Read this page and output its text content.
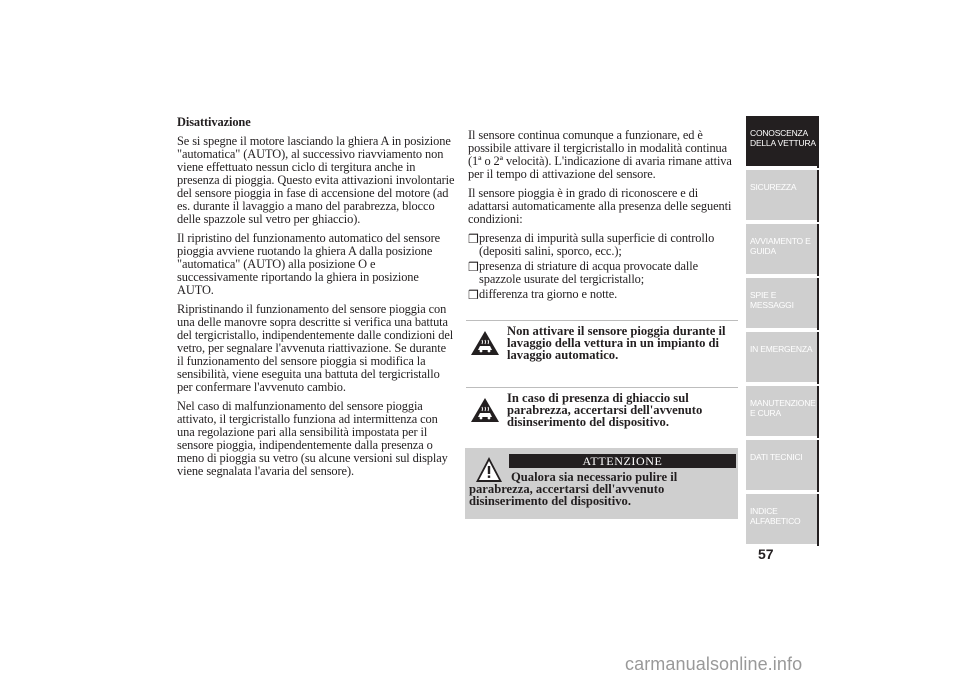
Disattivazione

Se si spegne il motore lasciando la ghiera A in posizione "automatica" (AUTO), al successivo riavviamento non viene effettuato nessun ciclo di tergitura anche in presenza di pioggia. Questo evita attivazioni involontarie del sensore pioggia in fase di accensione del motore (ad es. durante il lavaggio a mano del parabrezza, blocco delle spazzole sul vetro per ghiaccio).

Il ripristino del funzionamento automatico del sensore pioggia avviene ruotando la ghiera A dalla posizione "automatica" (AUTO) alla posizione O e successivamente riportando la ghiera in posizione AUTO.

Ripristinando il funzionamento del sensore pioggia con una delle manovre sopra descritte si verifica una battuta del tergicristallo, indipendentemente dalle condizioni del vetro, per segnalare l'avvenuta riattivazione. Se durante il funzionamento del sensore pioggia si modifica la sensibilità, viene eseguita una battuta del tergicristallo per confermare l'avvenuto cambio.

Nel caso di malfunzionamento del sensore pioggia attivato, il tergicristallo funziona ad intermittenza con una regolazione pari alla sensibilità impostata per il sensore pioggia, indipendentemente dalla presenza o meno di pioggia su vetro (su alcune versioni sul display viene segnalata l'avaria del sensore).

Il sensore continua comunque a funzionare, ed è possibile attivare il tergicristallo in modalità continua (1ª o 2ª velocità). L'indicazione di avaria rimane attiva per il tempo di attivazione del sensore.

Il sensore pioggia è in grado di riconoscere e di adattarsi automaticamente alla presenza delle seguenti condizioni:

❒ presenza di impurità sulla superficie di controllo (depositi salini, sporco, ecc.);

❒ presenza di striature di acqua provocate dalle spazzole usurate del tergicristallo;

❒ differenza tra giorno e notte.

Non attivare il sensore pioggia durante il lavaggio della vettura in un impianto di lavaggio automatico.
In caso di presenza di ghiaccio sul parabrezza, accertarsi dell'avvenuto disinserimento del dispositivo.
ATTENZIONE
Qualora sia necessario pulire il parabrezza, accertarsi dell'avvenuto disinserimento del dispositivo.
CONOSCENZA DELLA VETTURA
SICUREZZA
AVVIAMENTO E GUIDA
SPIE E MESSAGGI
IN EMERGENZA
MANUTENZIONE E CURA
DATI TECNICI
INDICE ALFABETICO
57
carmanualsonline.info
